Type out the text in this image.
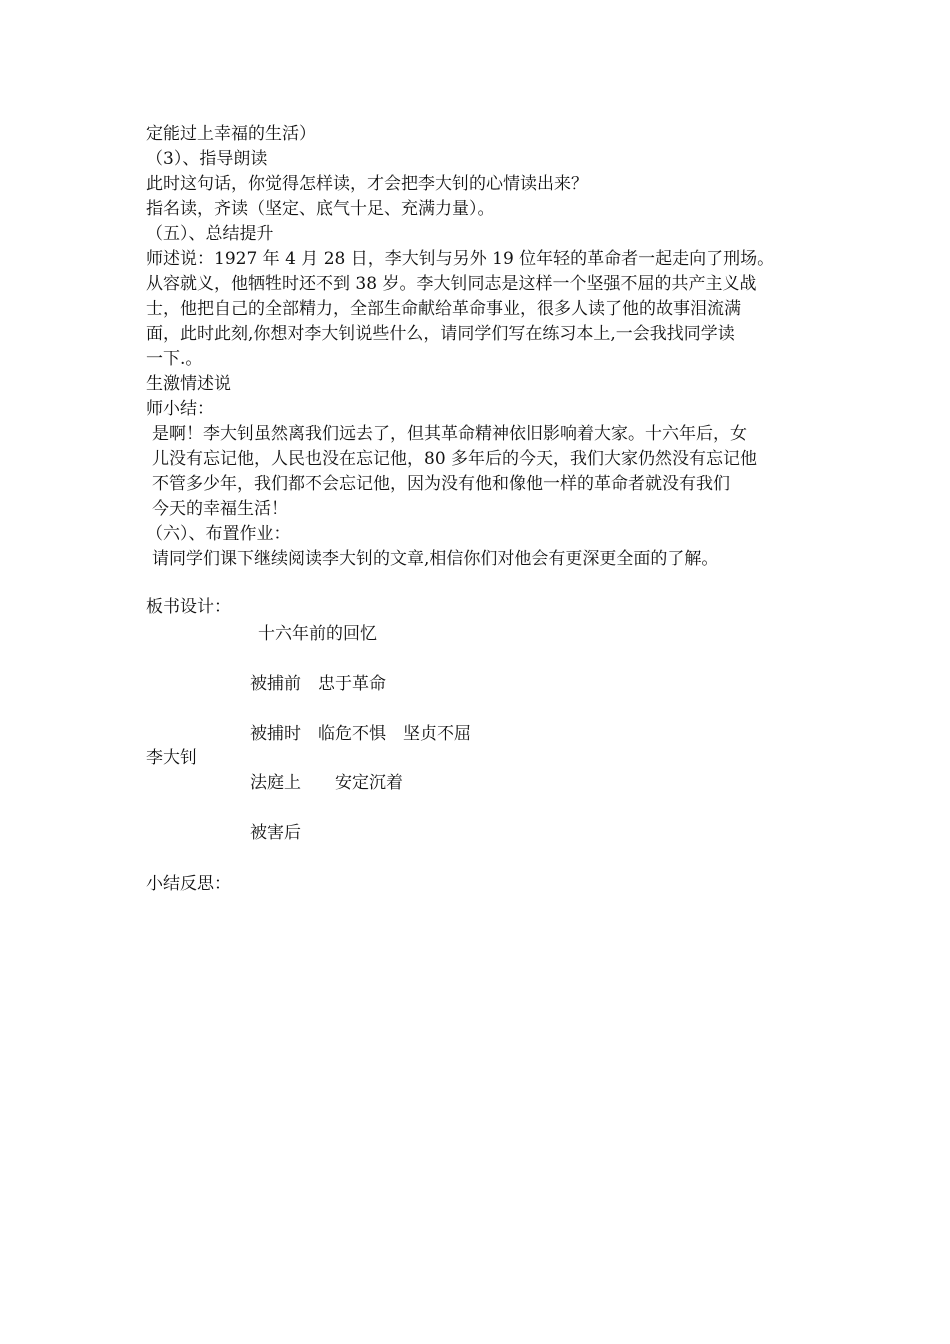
定能过上幸福的生活）
（3）、指导朗读
此时这句话，你觉得怎样读，才会把李大钊的心情读出来？
指名读，齐读（坚定、底气十足、充满力量）。
（五）、总结提升
师述说：1927 年 4 月 28 日，李大钊与另外 19 位年轻的革命者一起走向了刑场。
从容就义，他牺牲时还不到 38 岁。李大钊同志是这样一个坚强不屈的共产主义战
士，他把自己的全部精力，全部生命献给革命事业，很多人读了他的故事泪流满
面，此时此刻,你想对李大钊说些什么，请同学们写在练习本上,一会我找同学读
一下.。
生激情述说
师小结：
是啊！李大钊虽然离我们远去了，但其革命精神依旧影响着大家。十六年后，女
儿没有忘记他，人民也没在忘记他，80 多年后的今天，我们大家仍然没有忘记他
不管多少年，我们都不会忘记他，因为没有他和像他一样的革命者就没有我们
今天的幸福生活！
（六）、布置作业：
请同学们课下继续阅读李大钊的文章,相信你们对他会有更深更全面的了解。
板书设计：
十六年前的回忆
被捕前　忠于革命
被捕时　临危不惧　坚贞不屈
李大钊
法庭上　　安定沉着
被害后
小结反思：
